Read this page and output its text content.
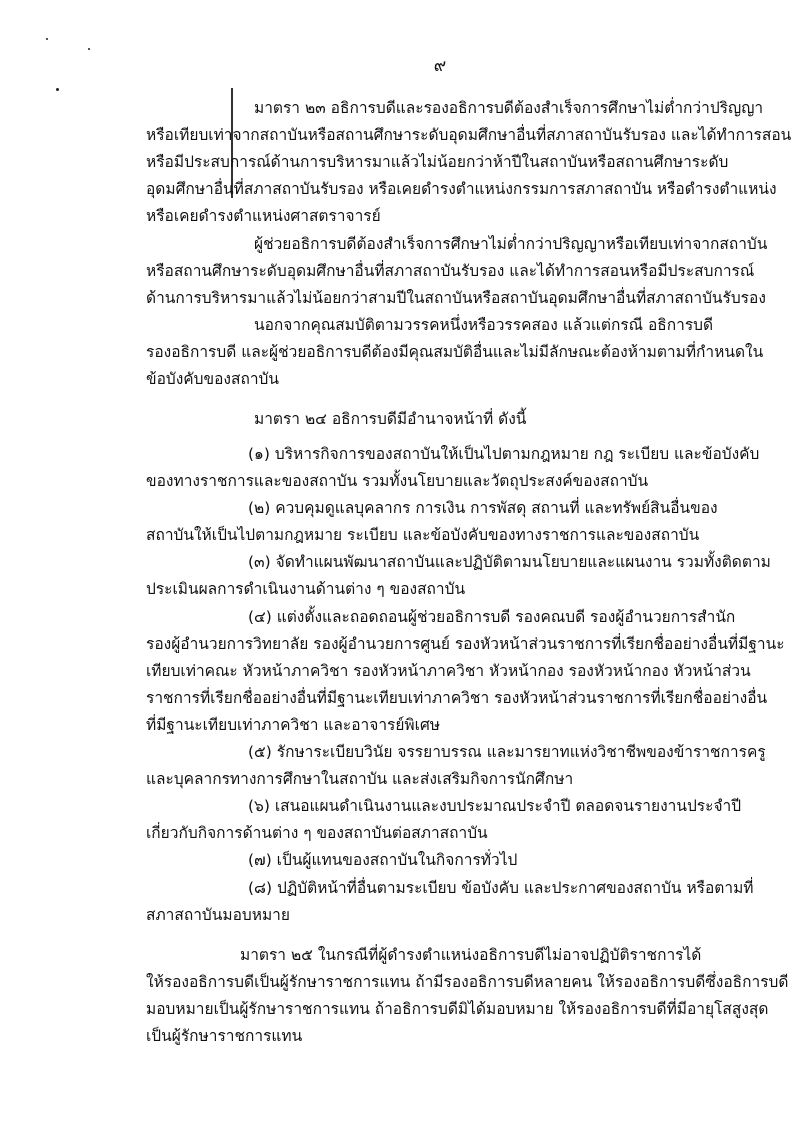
๙
มาตรา ๒๓ อธิการบดีและรองอธิการบดีต้องสำเร็จการศึกษาไม่ต่ำกว่าปริญญา
หรือเทียบเท่าจากสถาบันหรือสถานศึกษาระดับอุดมศึกษาอื่นที่สภาสถาบันรับรอง และได้ทำการสอน
หรือมีประสบการณ์ด้านการบริหารมาแล้วไม่น้อยกว่าห้าปีในสถาบันหรือสถานศึกษาระดับ
อุดมศึกษาอื่นที่สภาสถาบันรับรอง หรือเคยดำรงตำแหน่งกรรมการสภาสถาบัน หรือดำรงตำแหน่ง
หรือเคยดำรงตำแหน่งศาสตราจารย์
ผู้ช่วยอธิการบดีต้องสำเร็จการศึกษาไม่ต่ำกว่าปริญญาหรือเทียบเท่าจากสถาบัน
หรือสถานศึกษาระดับอุดมศึกษาอื่นที่สภาสถาบันรับรอง และได้ทำการสอนหรือมีประสบการณ์
ด้านการบริหารมาแล้วไม่น้อยกว่าสามปีในสถาบันหรือสถาบันอุดมศึกษาอื่นที่สภาสถาบันรับรอง
นอกจากคุณสมบัติตามวรรคหนึ่งหรือวรรคสอง แล้วแต่กรณี อธิการบดี
รองอธิการบดี และผู้ช่วยอธิการบดีต้องมีคุณสมบัติอื่นและไม่มีลักษณะต้องห้ามตามที่กำหนดใน
ข้อบังคับของสถาบัน
มาตรา ๒๔ อธิการบดีมีอำนาจหน้าที่ ดังนี้
(๑) บริหารกิจการของสถาบันให้เป็นไปตามกฎหมาย กฎ ระเบียบ และข้อบังคับ
ของทางราชการและของสถาบัน รวมทั้งนโยบายและวัตถุประสงค์ของสถาบัน
(๒) ควบคุมดูแลบุคลากร การเงิน การพัสดุ สถานที่ และทรัพย์สินอื่นของ
สถาบันให้เป็นไปตามกฎหมาย ระเบียบ และข้อบังคับของทางราชการและของสถาบัน
(๓) จัดทำแผนพัฒนาสถาบันและปฏิบัติตามนโยบายและแผนงาน รวมทั้งติดตาม
ประเมินผลการดำเนินงานด้านต่าง ๆ ของสถาบัน
(๔) แต่งตั้งและถอดถอนผู้ช่วยอธิการบดี รองคณบดี รองผู้อำนวยการสำนัก
รองผู้อำนวยการวิทยาลัย รองผู้อำนวยการศูนย์ รองหัวหน้าส่วนราชการที่เรียกชื่ออย่างอื่นที่มีฐานะ
เทียบเท่าคณะ หัวหน้าภาควิชา รองหัวหน้าภาควิชา หัวหน้ากอง รองหัวหน้ากอง หัวหน้าส่วน
ราชการที่เรียกชื่ออย่างอื่นที่มีฐานะเทียบเท่าภาควิชา รองหัวหน้าส่วนราชการที่เรียกชื่ออย่างอื่น
ที่มีฐานะเทียบเท่าภาควิชา และอาจารย์พิเศษ
(๕) รักษาระเบียบวินัย จรรยาบรรณ และมารยาทแห่งวิชาชีพของข้าราชการครู
และบุคลากรทางการศึกษาในสถาบัน และส่งเสริมกิจการนักศึกษา
(๖) เสนอแผนดำเนินงานและงบประมาณประจำปี ตลอดจนรายงานประจำปี
เกี่ยวกับกิจการด้านต่าง ๆ ของสถาบันต่อสภาสถาบัน
(๗) เป็นผู้แทนของสถาบันในกิจการทั่วไป
(๘) ปฏิบัติหน้าที่อื่นตามระเบียบ ข้อบังคับ และประกาศของสถาบัน หรือตามที่
สภาสถาบันมอบหมาย
มาตรา ๒๕ ในกรณีที่ผู้ดำรงตำแหน่งอธิการบดีไม่อาจปฏิบัติราชการได้
ให้รองอธิการบดีเป็นผู้รักษาราชการแทน ถ้ามีรองอธิการบดีหลายคน ให้รองอธิการบดีซึ่งอธิการบดี
มอบหมายเป็นผู้รักษาราชการแทน ถ้าอธิการบดีมิได้มอบหมาย ให้รองอธิการบดีที่มีอายุโสสูงสุด
เป็นผู้รักษาราชการแทน
